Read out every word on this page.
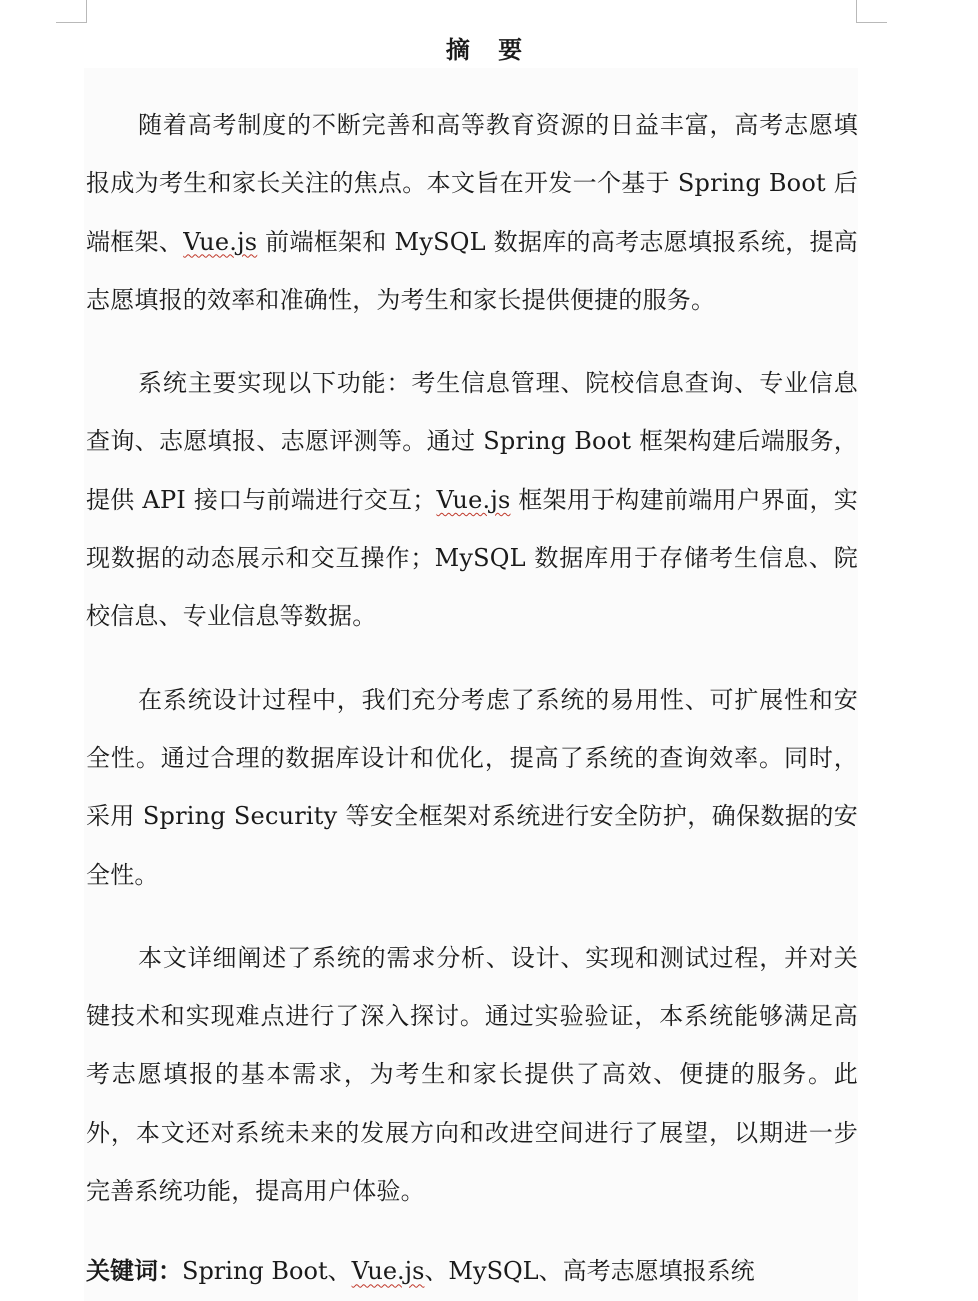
摘 要

随着高考制度的不断完善和高等教育资源的日益丰富，高考志愿填报成为考生和家长关注的焦点。本文旨在开发一个基于 Spring Boot 后端框架、Vue.js 前端框架和 MySQL 数据库的高考志愿填报系统，提高志愿填报的效率和准确性，为考生和家长提供便捷的服务。

系统主要实现以下功能：考生信息管理、院校信息查询、专业信息查询、志愿填报、志愿评测等。通过 Spring Boot 框架构建后端服务，提供 API 接口与前端进行交互；Vue.js 框架用于构建前端用户界面，实现数据的动态展示和交互操作；MySQL 数据库用于存储考生信息、院校信息、专业信息等数据。

在系统设计过程中，我们充分考虑了系统的易用性、可扩展性和安全性。通过合理的数据库设计和优化，提高了系统的查询效率。同时，采用 Spring Security 等安全框架对系统进行安全防护，确保数据的安全性。

本文详细阐述了系统的需求分析、设计、实现和测试过程，并对关键技术和实现难点进行了深入探讨。通过实验验证，本系统能够满足高考志愿填报的基本需求，为考生和家长提供了高效、便捷的服务。此外，本文还对系统未来的发展方向和改进空间进行了展望，以期进一步完善系统功能，提高用户体验。

关键词：Spring Boot、Vue.js、MySQL、高考志愿填报系统
